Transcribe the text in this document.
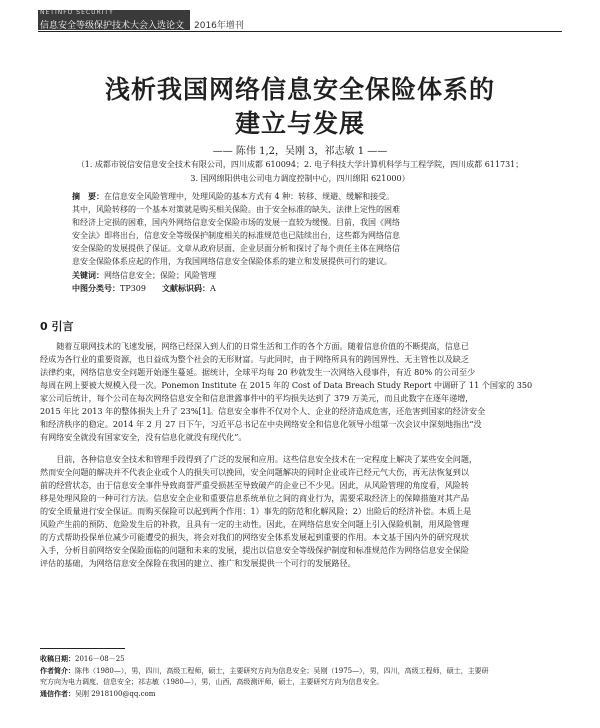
NETINFO SECURITY
信息安全等级保护技术大会入选论文 2016年增刊
浅析我国网络信息安全保险体系的
建立与发展
—— 陈伟 1,2，吴刚 3，祁志敏 1 ——
（1. 成都市锐信安信息安全技术有限公司，四川成都 610094；2. 电子科技大学计算机科学与工程学院，四川成都 611731；
3. 国网绵阳供电公司电力调度控制中心，四川绵阳 621000）
摘　要：在信息安全风险管理中，处理风险的基本方式有 4 种：转移、规避、缓解和接受。
其中，风险转移的一个基本对策就是购买相关保险。由于安全标准的缺失、法律上定性的困难
和经济上定损的困难，国内外网络信息安全保险市场的发展一直较为缓慢。目前，我国《网络
安全法》即将出台，信息安全等级保护制度相关的标准规范也已陆续出台，这些都为网络信息
安全保险的发展提供了保证。文章从政府层面、企业层面分析和探讨了每个责任主体在网络信
息安全保险体系应起的作用，为我国网络信息安全保险体系的建立和发展提供可行的建议。
关键词：网络信息安全；保险；风险管理
中图分类号：TP309　　 文献标识码：A
0 引言
　　随着互联网技术的飞速发展，网络已经深入到人们的日常生活和工作的各个方面。随着信息价值的不断提高，信息已
经成为各行业的重要资源，也日益成为整个社会的无形财富。与此同时，由于网络所具有的跨国界性、无主管性以及缺乏
法律约束，网络信息安全问题开始逐生蔓延。据统计，全球平均每 20 秒就发生一次网络入侵事件，有近 80% 的公司至少
每周在网上要被大规模入侵一次。Ponemon Institute 在 2015 年的 Cost of Data Breach Study Report 中调研了 11 个国家的 350
家公司后统计，每个公司在每次网络信息安全和信息泄露事件中的平均损失达到了 379 万美元，而且此数字在逐年递增，
2015 年比 2013 年的整体损失上升了 23%[1]。信息安全事件不仅对个人、企业的经济造成危害，还危害到国家的经济安全
和经济秩序的稳定。2014 年 2 月 27 日下午，习近平总书记在中央网络安全和信息化领导小组第一次会议中深刻地指出“没
有网络安全就没有国家安全，没有信息化就没有现代化”。
　　目前，各种信息安全技术和管理手段得到了广泛的发展和应用。这些信息安全技术在一定程度上解决了某些安全问题，
然而安全问题的解决并不代表企业或个人的损失可以挽回，安全问题解决的同时企业或许已经元气大伤，再无法恢复到以
前的经营状态，由于信息安全事件导致商誉严重受损甚至导致破产的企业已不少见。因此，从风险管理的角度看，风险转
移是处理风险的一种可行方法。信息安全企业和重要信息系统单位之间的商业行为，需要采取经济上的保障措施对其产品
的安全质量进行安全保证。而购买保险可以起到两个作用：1）事先的防范和化解风险；2）出险后的经济补偿。本质上是
风险产生前的预防、危险发生后的补救，且具有一定的主动性。因此，在网络信息安全问题上引入保险机制，用风险管理
的方式帮助投保单位减少可能遭受的损失，将会对我们的网络安全体系发展起到重要的作用。本文基于国内外的研究现状
入手，分析目前网络安全保险面临的问题和未来的发展，提出以信息安全等级保护制度和标准规范作为网络信息安全保险
评估的基础，为网络信息安全保险在我国的建立、推广和发展提供一个可行的发展路径。
收稿日期：2016－08－25
作者简介：陈伟（1980—），男，四川，高级工程师，硕士，主要研究方向为信息安全；吴刚（1975—），男，四川，高级工程师，硕士，主要研
究方向为电力调度、信息安全；祁志敏（1980—），男，山西，高级测评师，硕士，主要研究方向为信息安全。
通信作者：吴刚 2918100@qq.com
